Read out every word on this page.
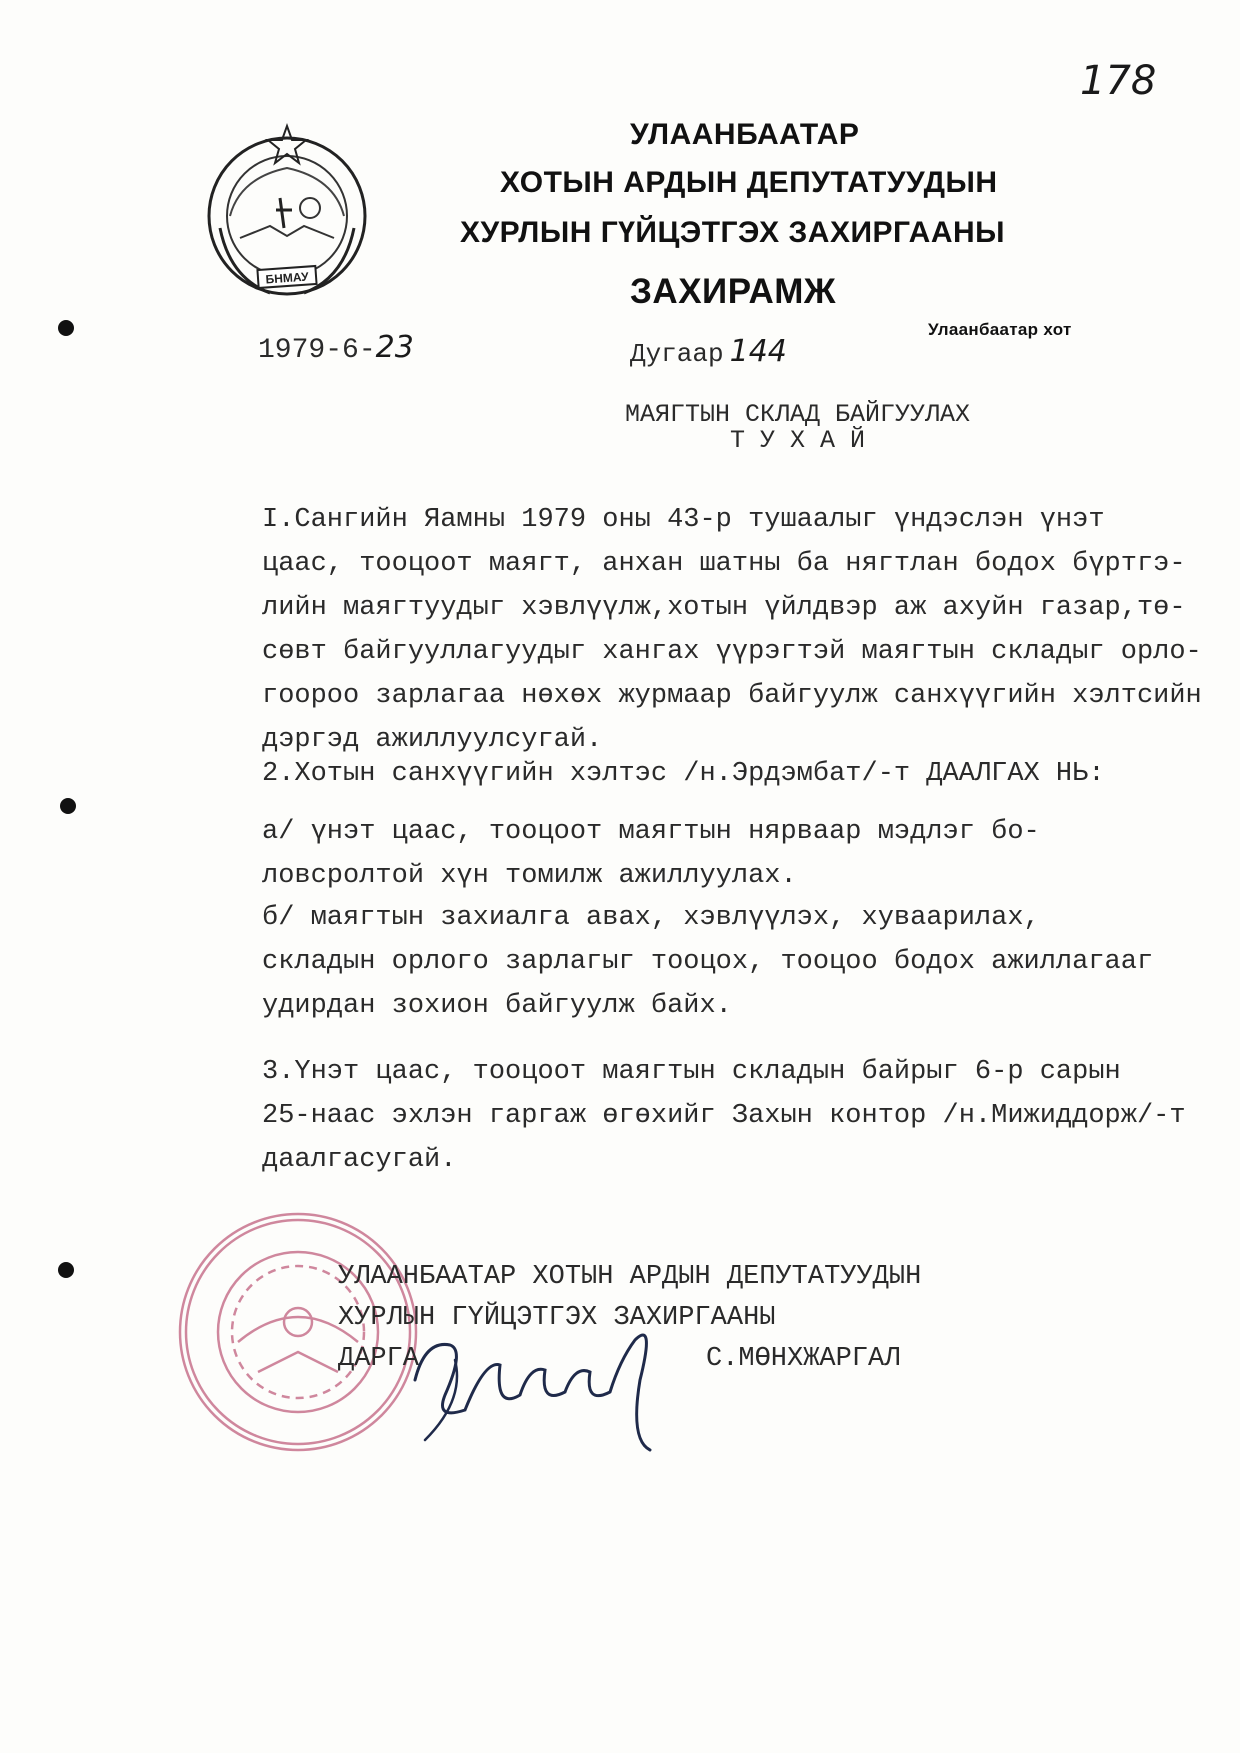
178
БНМАУ
УЛААНБААТАР
ХОТЫН АРДЫН ДЕПУТАТУУДЫН
ХУРЛЫН ГҮЙЦЭТГЭХ ЗАХИРГААНЫ
ЗАХИРАМЖ
1979-6-23	Дугаар 144
Улаанбаатар хот
МАЯГТЫН СКЛАД БАЙГУУЛАХ
Т У Х А Й
I.Сангийн Яамны 1979 оны 43-р тушаалыг үндэслэн үнэт
цаас, тооцоот маягт, анхан шатны ба нягтлан бодох бүртгэ-
лийн маягтуудыг хэвлүүлж,хотын үйлдвэр аж ахуйн газар,тө-
сөвт байгууллагуудыг хангах үүрэгтэй маягтын складыг орло-
гоороо зарлагаа нөхөх журмаар байгуулж санхүүгийн хэлтсийн
дэргэд ажиллуулсугай.
2.Хотын санхүүгийн хэлтэс /н.Эрдэмбат/-т ДААЛГАХ НЬ:
а/ үнэт цаас, тооцоот маягтын нярваар мэдлэг бо-
ловсролтой хүн томилж ажиллуулах.
б/ маягтын захиалга авах, хэвлүүлэх, хуваарилах,
складын орлого зарлагыг тооцох, тооцоо бодох ажиллагааг
удирдан зохион байгуулж байх.
3.Үнэт цаас, тооцоот маягтын складын байрыг 6-р сарын
25-наас эхлэн гаргаж өгөхийг Захын контор /н.Мижиддорж/-т
даалгасугай.
УЛААНБААТАР ХОТЫН АРДЫН ДЕПУТАТУУДЫН
ХУРЛЫН ГҮЙЦЭТГЭХ ЗАХИРГААНЫ
ДАРГА	С.МӨНХЖАРГАЛ
